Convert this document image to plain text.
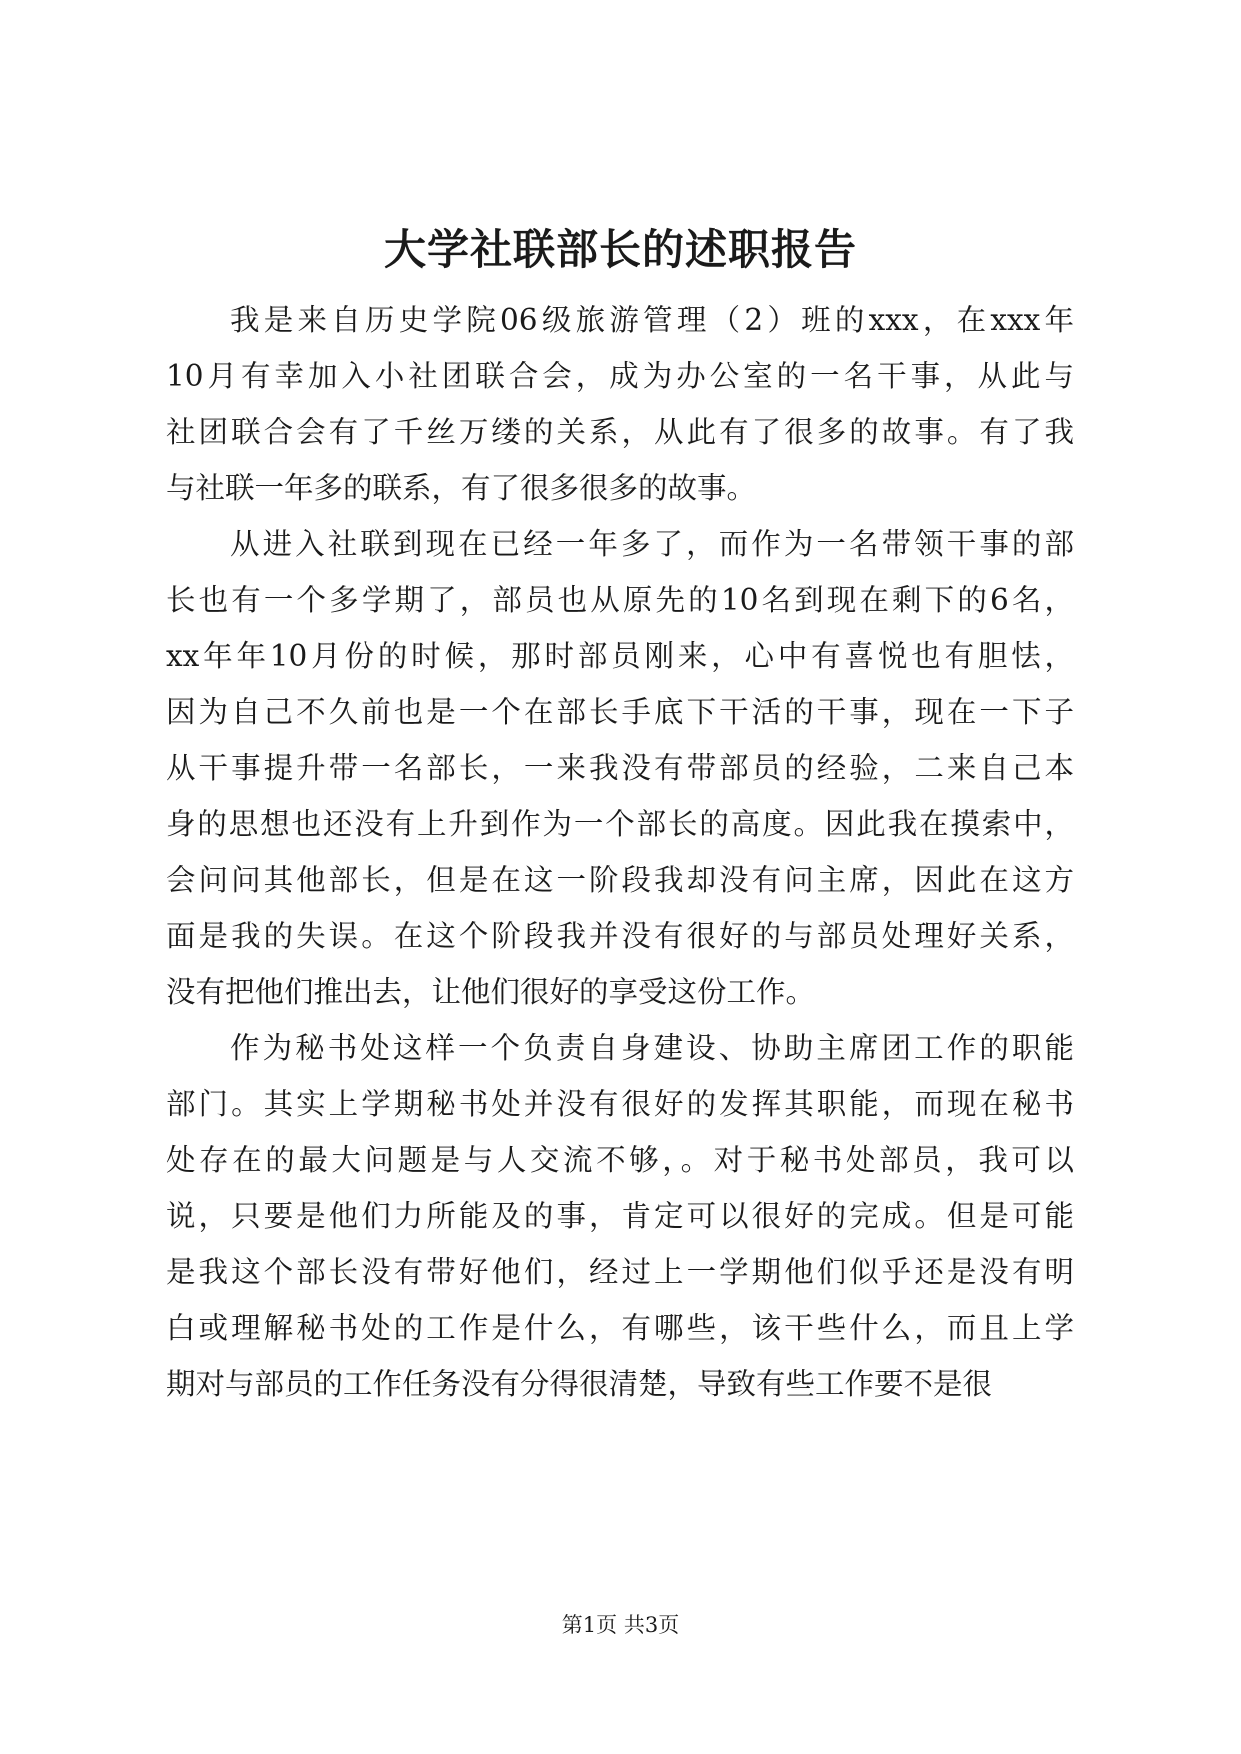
大学社联部长的述职报告
我是来自历史学院06级旅游管理（2）班的xxx，在xxx年
10月有幸加入小社团联合会，成为办公室的一名干事，从此与
社团联合会有了千丝万缕的关系，从此有了很多的故事。有了我
与社联一年多的联系，有了很多很多的故事。
从进入社联到现在已经一年多了，而作为一名带领干事的部
长也有一个多学期了，部员也从原先的10名到现在剩下的6名，
xx年年10月份的时候，那时部员刚来，心中有喜悦也有胆怯，
因为自己不久前也是一个在部长手底下干活的干事，现在一下子
从干事提升带一名部长，一来我没有带部员的经验，二来自己本
身的思想也还没有上升到作为一个部长的高度。因此我在摸索中，
会问问其他部长，但是在这一阶段我却没有问主席，因此在这方
面是我的失误。在这个阶段我并没有很好的与部员处理好关系，
没有把他们推出去，让他们很好的享受这份工作。
作为秘书处这样一个负责自身建设、协助主席团工作的职能
部门。其实上学期秘书处并没有很好的发挥其职能，而现在秘书
处存在的最大问题是与人交流不够，。对于秘书处部员，我可以
说，只要是他们力所能及的事，肯定可以很好的完成。但是可能
是我这个部长没有带好他们，经过上一学期他们似乎还是没有明
白或理解秘书处的工作是什么，有哪些，该干些什么，而且上学
期对与部员的工作任务没有分得很清楚，导致有些工作要不是很
第1页 共3页
